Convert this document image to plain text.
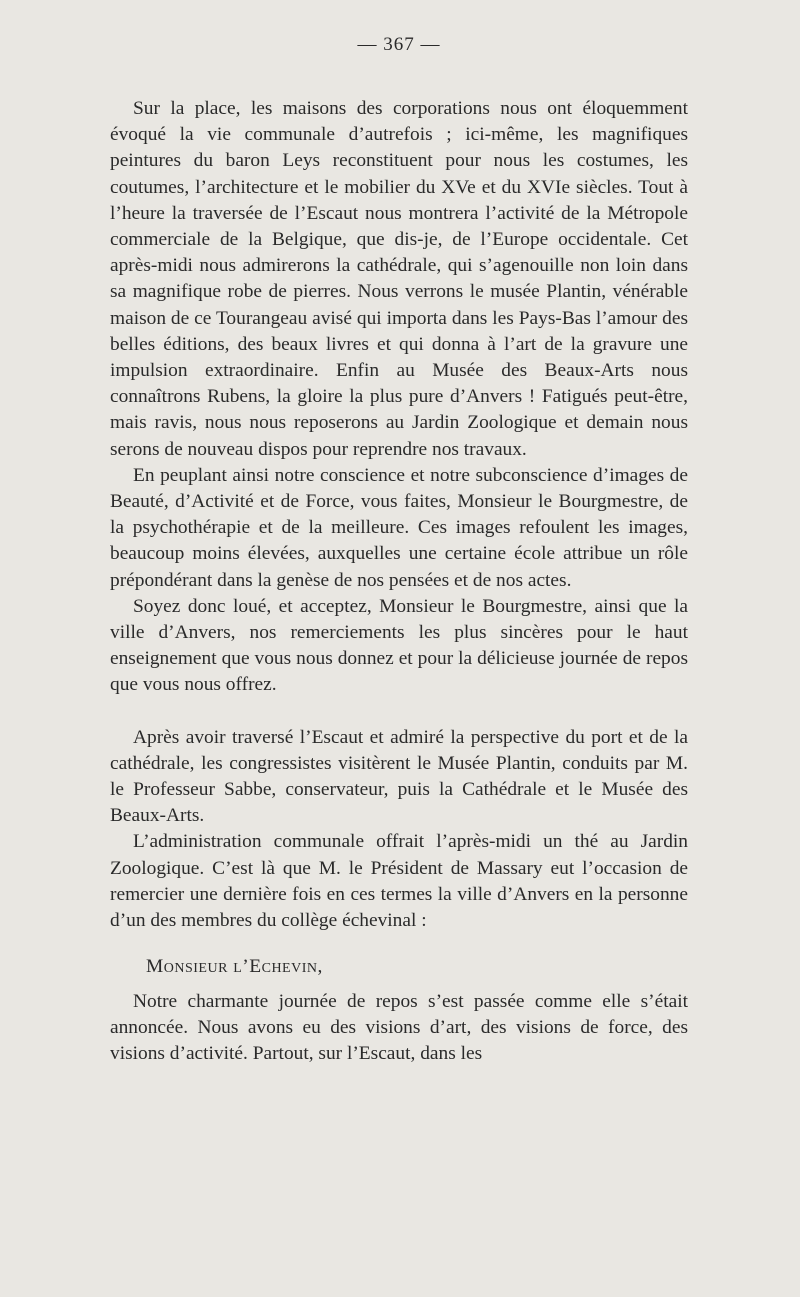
— 367 —

Sur la place, les maisons des corporations nous ont éloquemment évoqué la vie communale d’autrefois ; ici-même, les magnifiques peintures du baron Leys reconstituent pour nous les costumes, les coutumes, l’architecture et le mobilier du XVe et du XVIe siècles. Tout à l’heure la traversée de l’Escaut nous montrera l’activité de la Métropole commerciale de la Belgique, que dis-je, de l’Europe occidentale. Cet après-midi nous admirerons la cathédrale, qui s’agenouille non loin dans sa magnifique robe de pierres. Nous verrons le musée Plantin, vénérable maison de ce Tourangeau avisé qui importa dans les Pays-Bas l’amour des belles éditions, des beaux livres et qui donna à l’art de la gravure une impulsion extraordinaire. Enfin au Musée des Beaux-Arts nous connaîtrons Rubens, la gloire la plus pure d’Anvers ! Fatigués peut-être, mais ravis, nous nous reposerons au Jardin Zoologique et demain nous serons de nouveau dispos pour reprendre nos travaux.

En peuplant ainsi notre conscience et notre subconscience d’images de Beauté, d’Activité et de Force, vous faites, Monsieur le Bourgmestre, de la psychothérapie et de la meilleure. Ces images refoulent les images, beaucoup moins élevées, auxquelles une certaine école attribue un rôle prépondérant dans la genèse de nos pensées et de nos actes.

Soyez donc loué, et acceptez, Monsieur le Bourgmestre, ainsi que la ville d’Anvers, nos remerciements les plus sincères pour le haut enseignement que vous nous donnez et pour la délicieuse journée de repos que vous nous offrez.

Après avoir traversé l’Escaut et admiré la perspective du port et de la cathédrale, les congressistes visitèrent le Musée Plantin, conduits par M. le Professeur Sabbe, conservateur, puis la Cathédrale et le Musée des Beaux-Arts.

L’administration communale offrait l’après-midi un thé au Jardin Zoologique. C’est là que M. le Président de Massary eut l’occasion de remercier une dernière fois en ces termes la ville d’Anvers en la personne d’un des membres du collège échevinal :

Monsieur l’Echevin,

Notre charmante journée de repos s’est passée comme elle s’était annoncée. Nous avons eu des visions d’art, des visions de force, des visions d’activité. Partout, sur l’Escaut, dans les
